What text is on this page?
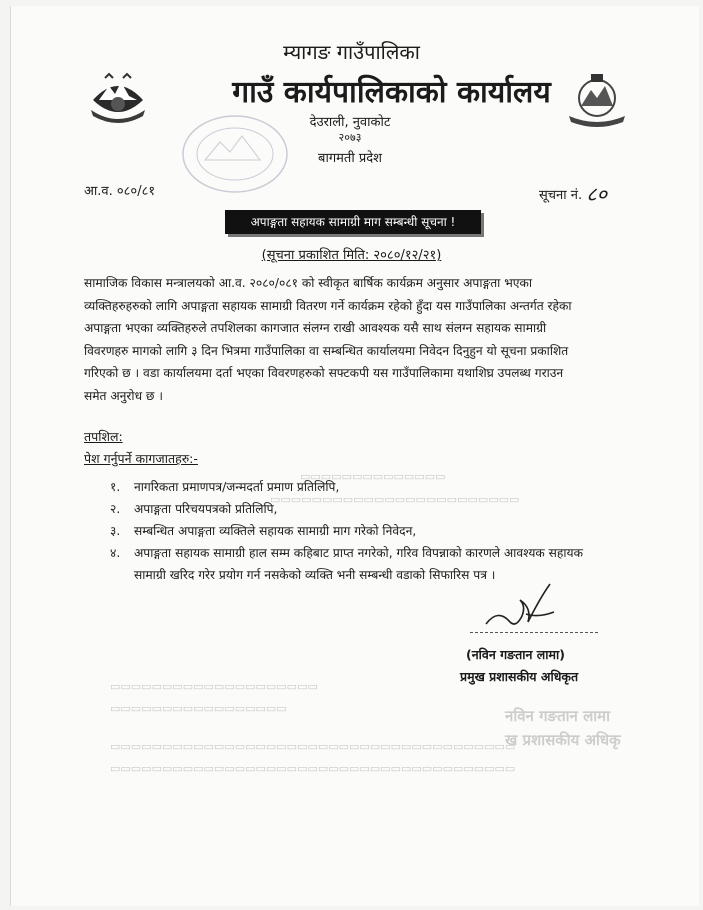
▭▭▭▭▭▭▭▭▭▭▭▭▭▭
▭▭▭▭▭▭▭▭▭▭▭▭▭▭▭▭▭▭▭▭▭▭▭▭
▭▭▭▭▭▭▭▭▭▭▭▭▭▭▭▭▭▭▭▭
▭▭▭▭▭▭▭▭▭▭▭▭▭▭▭▭▭
▭▭▭▭▭▭▭▭▭▭▭▭▭▭▭▭▭▭▭▭▭▭▭▭▭▭▭▭▭▭▭▭▭▭▭▭▭▭▭
▭▭▭▭▭▭▭▭▭▭▭▭▭▭▭▭▭▭▭▭▭▭▭▭▭▭▭▭▭▭▭▭▭▭▭▭▭▭▭
नविन गङतान लामा
ख प्रशासकीय अधिकृ
म्यागङ गाउँपालिका
गाउँ कार्यपालिकाको कार्यालय
देउराली, नुवाकोट
२०७३
बागमती प्रदेश
आ.व. ०८०/८१	सूचना नं. ८०
अपाङ्गता सहायक सामाग्री माग सम्बन्धी सूचना !
(सूचना प्रकाशित मिति: २०८०/१२/२१)
सामाजिक विकास मन्त्रालयको आ.व. २०८०/०८१ को स्वीकृत बार्षिक कार्यक्रम अनुसार अपाङ्गता भएका
व्यक्तिहरुहरुको लागि अपाङ्गता सहायक सामाग्री वितरण गर्ने कार्यक्रम रहेको हुँदा यस गाउँपालिका अन्तर्गत रहेका
अपाङ्गता भएका व्यक्तिहरुले तपशिलका कागजात संलग्न राखी आवश्यक यसै साथ संलग्न सहायक सामाग्री
विवरणहरु मागको लागि ३ दिन भित्रमा गाउँपालिका वा सम्बन्धित कार्यालयमा निवेदन दिनुहुन यो सूचना प्रकाशित
गरिएको छ । वडा कार्यालयमा दर्ता भएका विवरणहरुको सफ्टकपी यस गाउँपालिकामा यथाशिघ्र उपलब्ध गराउन
समेत अनुरोध छ ।
तपशिल:
पेश गर्नुपर्ने कागजातहरु:-
१. नागरिकता प्रमाणपत्र/जन्मदर्ता प्रमाण प्रतिलिपि,
२. अपाङ्गता परिचयपत्रको प्रतिलिपि,
३. सम्बन्धित अपाङ्गता व्यक्तिले सहायक सामाग्री माग गरेको निवेदन,
४. अपाङ्गता सहायक सामाग्री हाल सम्म कहिबाट प्राप्त नगरेको, गरिव विपन्नाको कारणले आवश्यक सहायक
सामाग्री खरिद गरेर प्रयोग गर्न नसकेको व्यक्ति भनी सम्बन्धी वडाको सिफारिस पत्र ।
(नविन गङतान लामा)
प्रमुख प्रशासकीय अधिकृत
